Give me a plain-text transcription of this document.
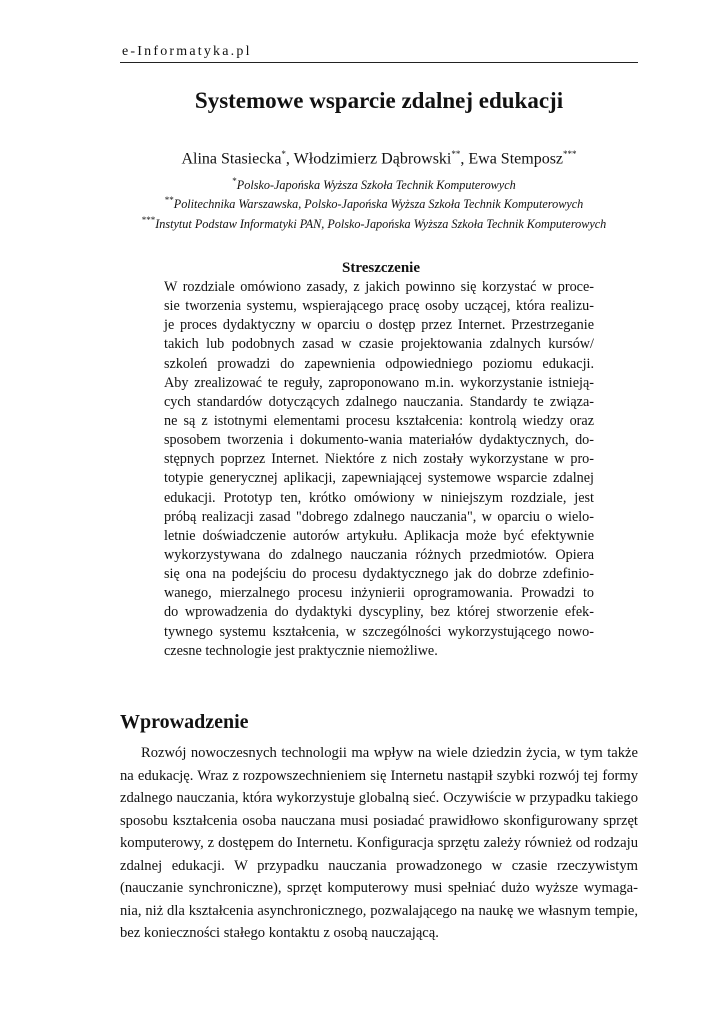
e-Informatyka.pl
Systemowe wsparcie zdalnej edukacji
Alina Stasiecka*, Włodzimierz Dąbrowski**, Ewa Stemposz***
*Polsko-Japońska Wyższa Szkoła Technik Komputerowych
**Politechnika Warszawska, Polsko-Japońska Wyższa Szkoła Technik Komputerowych
***Instytut Podstaw Informatyki PAN, Polsko-Japońska Wyższa Szkoła Technik Komputerowych
Streszczenie
W rozdziale omówiono zasady, z jakich powinno się korzystać w proce-
sie tworzenia systemu, wspierającego pracę osoby uczącej, która realizu-
je proces dydaktyczny w oparciu o dostęp przez Internet. Przestrzeganie
takich lub podobnych zasad w czasie projektowania zdalnych kursów/
szkoleń prowadzi do zapewnienia odpowiedniego poziomu edukacji.
Aby zrealizować te reguły, zaproponowano m.in. wykorzystanie istnieją-
cych standardów dotyczących zdalnego nauczania. Standardy te związa-
ne są z istotnymi elementami procesu kształcenia: kontrolą wiedzy oraz
sposobem tworzenia i dokumento-wania materiałów dydaktycznych, do-
stępnych poprzez Internet. Niektóre z nich zostały wykorzystane w pro-
totypie generycznej aplikacji, zapewniającej systemowe wsparcie zdalnej
edukacji. Prototyp ten, krótko omówiony w niniejszym rozdziale, jest
próbą realizacji zasad "dobrego zdalnego nauczania", w oparciu o wielo-
letnie doświadczenie autorów artykułu. Aplikacja może być efektywnie
wykorzystywana do zdalnego nauczania różnych przedmiotów. Opiera
się ona na podejściu do procesu dydaktycznego jak do dobrze zdefinio-
wanego, mierzalnego procesu inżynierii oprogramowania. Prowadzi to
do wprowadzenia do dydaktyki dyscypliny, bez której stworzenie efek-
tywnego systemu kształcenia, w szczególności wykorzystującego nowo-
czesne technologie jest praktycznie niemożliwe.
Wprowadzenie
Rozwój nowoczesnych technologii ma wpływ na wiele dziedzin życia, w tym także
na edukację. Wraz z rozpowszechnieniem się Internetu nastąpił szybki rozwój tej formy
zdalnego nauczania, która wykorzystuje globalną sieć. Oczywiście w przypadku takiego
sposobu kształcenia osoba nauczana musi posiadać prawidłowo skonfigurowany sprzęt
komputerowy, z dostępem do Internetu. Konfiguracja sprzętu zależy również od rodzaju
zdalnej edukacji. W przypadku nauczania prowadzonego w czasie rzeczywistym
(nauczanie synchroniczne), sprzęt komputerowy musi spełniać dużo wyższe wymaga-
nia, niż dla kształcenia asynchronicznego, pozwalającego na naukę we własnym tempie,
bez konieczności stałego kontaktu z osobą nauczającą.
